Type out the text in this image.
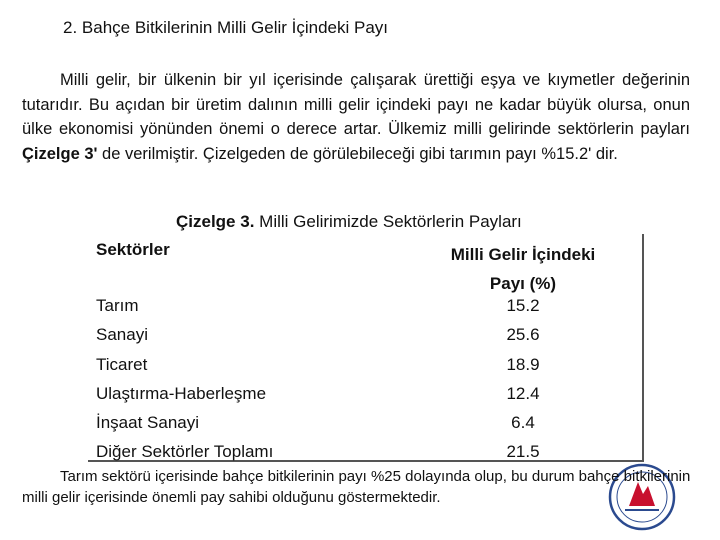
2. Bahçe Bitkilerinin Milli Gelir İçindeki Payı
Milli gelir, bir ülkenin bir yıl içerisinde çalışarak ürettiği eşya ve kıymetler değerinin tutarıdır. Bu açıdan bir üretim dalının milli gelir içindeki payı ne kadar büyük olursa, onun ülke ekonomisi yönünden önemi o derece artar. Ülkemiz milli gelirinde sektörlerin payları Çizelge 3' de verilmiştir. Çizelgeden de görülebileceği gibi tarımın payı %15.2' dir.
Çizelge 3. Milli Gelirimizde Sektörlerin Payları
Sektörler	Milli Gelir İçindeki
Payı (%)
Tarım	15.2
Sanayi	25.6
Ticaret	18.9
Ulaştırma-Haberleşme	12.4
İnşaat Sanayi	6.4
Diğer Sektörler Toplamı	21.5
Tarım sektörü içerisinde bahçe bitkilerinin payı %25 dolayında olup, bu durum bahçe bitkilerinin milli gelir içerisinde önemli pay sahibi olduğunu göstermektedir.
